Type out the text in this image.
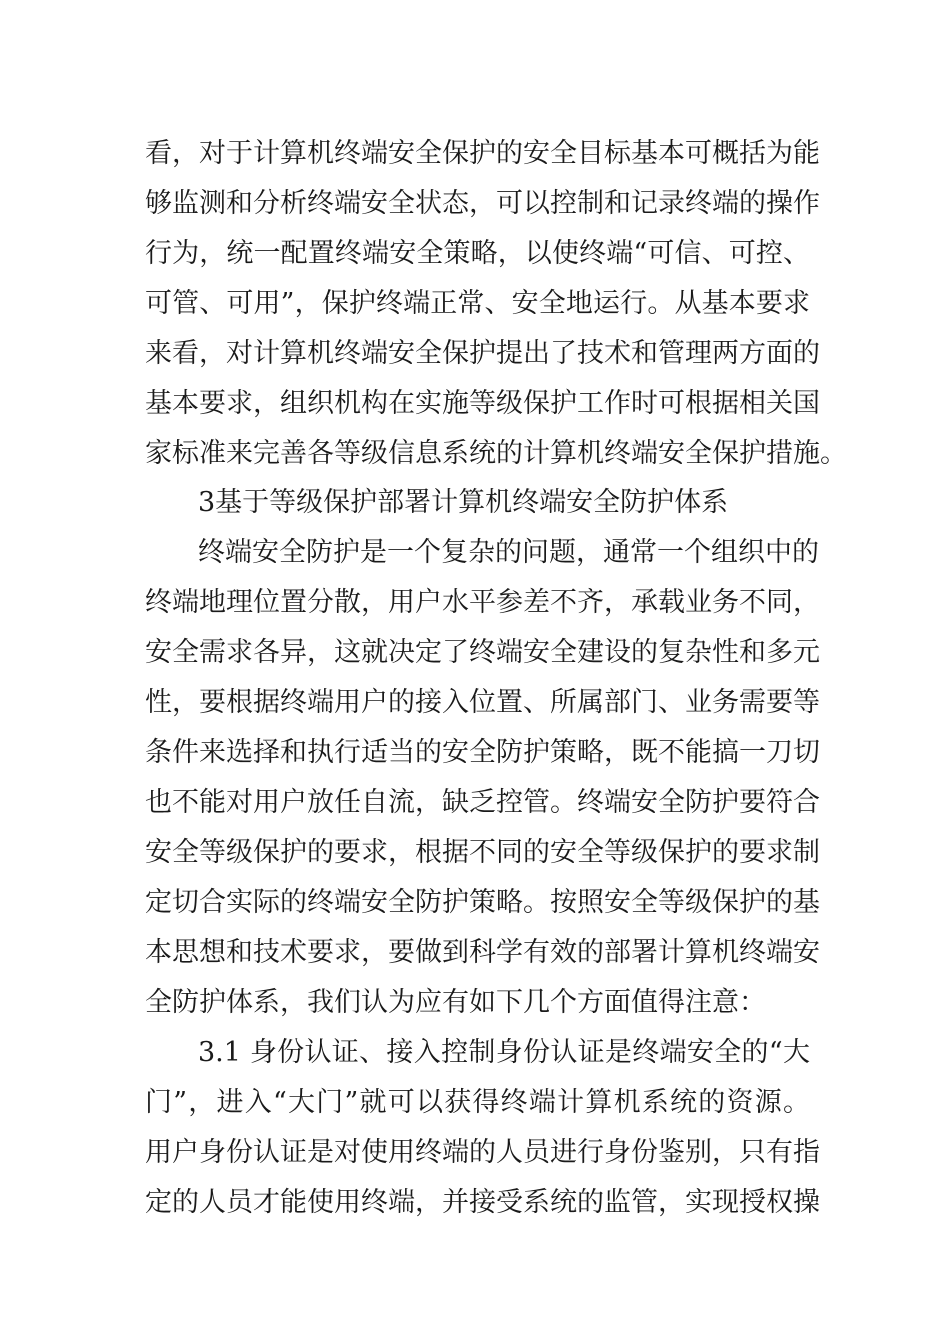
看，对于计算机终端安全保护的安全目标基本可概括为能
够监测和分析终端安全状态，可以控制和记录终端的操作
行为，统一配置终端安全策略，以使终端“可信、可控、
可管、可用”，保护终端正常、安全地运行。从基本要求
来看，对计算机终端安全保护提出了技术和管理两方面的
基本要求，组织机构在实施等级保护工作时可根据相关国
家标准来完善各等级信息系统的计算机终端安全保护措施。
3基于等级保护部署计算机终端安全防护体系
终端安全防护是一个复杂的问题，通常一个组织中的
终端地理位置分散，用户水平参差不齐，承载业务不同，
安全需求各异，这就决定了终端安全建设的复杂性和多元
性，要根据终端用户的接入位置、所属部门、业务需要等
条件来选择和执行适当的安全防护策略，既不能搞一刀切
也不能对用户放任自流，缺乏控管。终端安全防护要符合
安全等级保护的要求，根据不同的安全等级保护的要求制
定切合实际的终端安全防护策略。按照安全等级保护的基
本思想和技术要求，要做到科学有效的部署计算机终端安
全防护体系，我们认为应有如下几个方面值得注意：
3.1 身份认证、接入控制身份认证是终端安全的“大
门”，进入“大门”就可以获得终端计算机系统的资源。
用户身份认证是对使用终端的人员进行身份鉴别，只有指
定的人员才能使用终端，并接受系统的监管，实现授权操
